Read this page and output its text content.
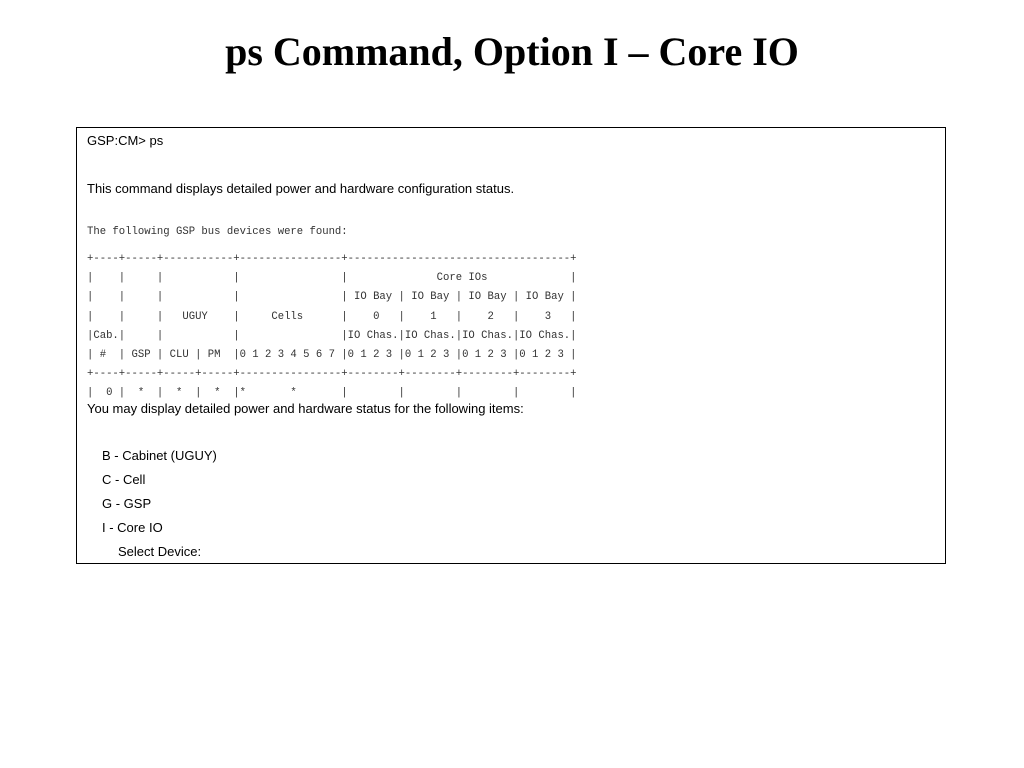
ps Command, Option I – Core IO
GSP:CM> ps
This command displays detailed power and hardware configuration status.
The following GSP bus devices were found:
+----+-----+-----------+----------------+-----------------------------------+
|    |     |           |                |              Core IOs             |
|    |     |           |                | IO Bay | IO Bay | IO Bay | IO Bay |
|    |     |   UGUY    |     Cells      |    0   |    1   |    2   |    3   |
|Cab.|     |           |                |IO Chas.|IO Chas.|IO Chas.|IO Chas.|
| #  | GSP | CLU | PM  |0 1 2 3 4 5 6 7 |0 1 2 3 |0 1 2 3 |0 1 2 3 |0 1 2 3 |
+----+-----+-----+-----+----------------+--------+--------+--------+--------+
|  0 |  *  |  *  |  *  |*       *       |        |        |        |        |
You may display detailed power and hardware status for the following items:
B - Cabinet (UGUY)
C - Cell
G - GSP
I - Core IO
Select Device:
